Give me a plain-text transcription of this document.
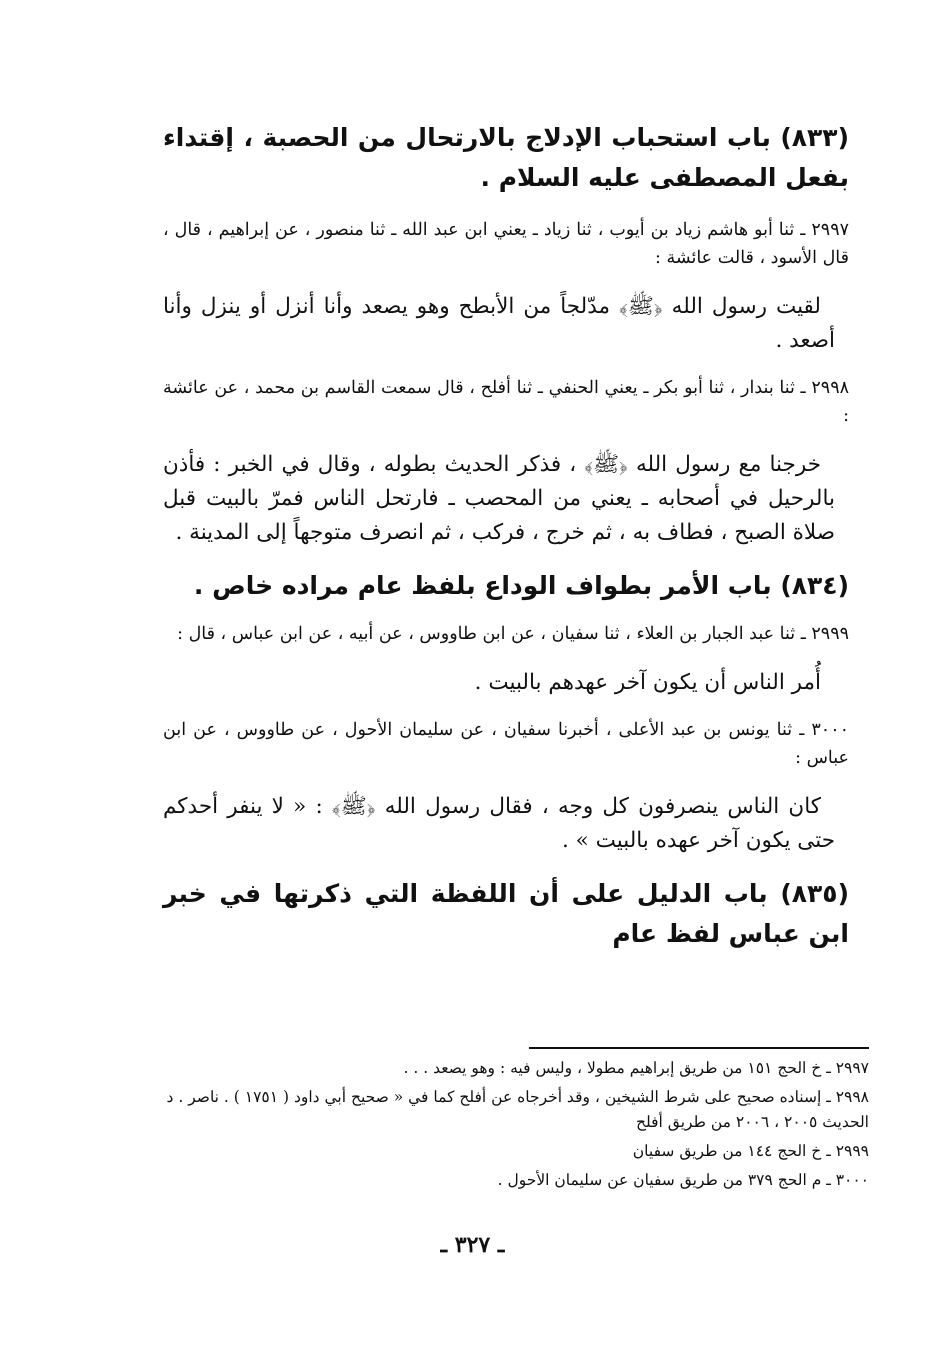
(٨٣٣) باب استحباب الإدلاج بالارتحال من الحصبة ، إقتداء بفعل المصطفى عليه السلام .

٢٩٩٧ ـ ثنا أبو هاشم زياد بن أيوب ، ثنا زياد ـ يعني ابن عبد الله ـ ثنا منصور ، عن إبراهيم ، قال ، قال الأسود ، قالت عائشة :

لقيت رسول الله ﴿ﷺ﴾ مدّلجاً من الأبطح وهو يصعد وأنا أنزل أو ينزل وأنا أصعد .

٢٩٩٨ ـ ثنا بندار ، ثنا أبو بكر ـ يعني الحنفي ـ ثنا أفلح ، قال سمعت القاسم بن محمد ، عن عائشة :

خرجنا مع رسول الله ﴿ﷺ﴾ ، فذكر الحديث بطوله ، وقال في الخبر : فأذن بالرحيل في أصحابه ـ يعني من المحصب ـ فارتحل الناس فمرّ بالبيت قبل صلاة الصبح ، فطاف به ، ثم خرج ، فركب ، ثم انصرف متوجهاً إلى المدينة .

(٨٣٤) باب الأمر بطواف الوداع بلفظ عام مراده خاص .

٢٩٩٩ ـ ثنا عبد الجبار بن العلاء ، ثنا سفيان ، عن ابن طاووس ، عن أبيه ، عن ابن عباس ، قال :

أُمر الناس أن يكون آخر عهدهم بالبيت .

٣٠٠٠ ـ ثنا يونس بن عبد الأعلى ، أخبرنا سفيان ، عن سليمان الأحول ، عن طاووس ، عن ابن عباس :

كان الناس ينصرفون كل وجه ، فقال رسول الله ﴿ﷺ﴾ : « لا ينفر أحدكم حتى يكون آخر عهده بالبيت » .

(٨٣٥) باب الدليل على أن اللفظة التي ذكرتها في خبر ابن عباس لفظ عام

٢٩٩٧ ـ خ الحج ١٥١ من طريق إبراهيم مطولا ، وليس فيه : وهو يصعد . . .

٢٩٩٨ ـ إسناده صحيح على شرط الشيخين ، وقد أخرجاه عن أفلح كما في « صحيح أبي داود ( ١٧٥١ ) . ناصر . د الحديث ٢٠٠٥ ، ٢٠٠٦ من طريق أفلح

٢٩٩٩ ـ خ الحج ١٤٤ من طريق سفيان

٣٠٠٠ ـ م الحج ٣٧٩ من طريق سفيان عن سليمان الأحول .

ـ ٣٢٧ ـ
